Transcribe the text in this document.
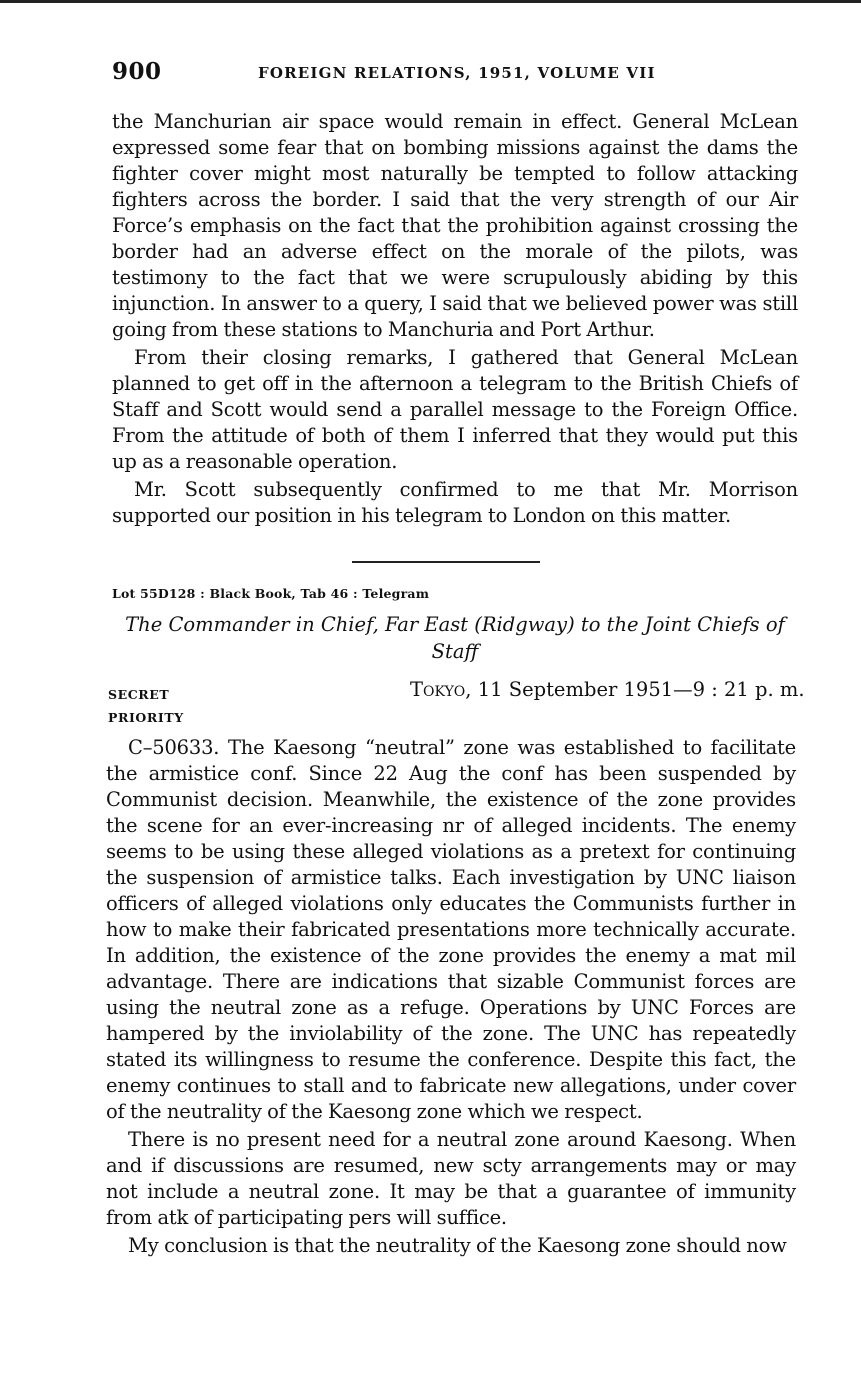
900	FOREIGN RELATIONS, 1951, VOLUME VII

the Manchurian air space would remain in effect. General McLean expressed some fear that on bombing missions against the dams the fighter cover might most naturally be tempted to follow attacking fighters across the border. I said that the very strength of our Air Force’s emphasis on the fact that the prohibition against crossing the border had an adverse effect on the morale of the pilots, was testimony to the fact that we were scrupulously abiding by this injunction. In answer to a query, I said that we believed power was still going from these stations to Manchuria and Port Arthur.

From their closing remarks, I gathered that General McLean planned to get off in the afternoon a telegram to the British Chiefs of Staff and Scott would send a parallel message to the Foreign Office. From the attitude of both of them I inferred that they would put this up as a reasonable operation.

Mr. Scott subsequently confirmed to me that Mr. Morrison supported our position in his telegram to London on this matter.

Lot 55D128 : Black Book, Tab 46 : Telegram
The Commander in Chief, Far East (Ridgway) to the Joint Chiefs of Staff
SECRET
PRIORITY
Tokyo, 11 September 1951—9 : 21 p. m.

C–50633. The Kaesong “neutral” zone was established to facilitate the armistice conf. Since 22 Aug the conf has been suspended by Communist decision. Meanwhile, the existence of the zone provides the scene for an ever-increasing nr of alleged incidents. The enemy seems to be using these alleged violations as a pretext for continuing the suspension of armistice talks. Each investigation by UNC liaison officers of alleged violations only educates the Communists further in how to make their fabricated presentations more technically accurate. In addition, the existence of the zone provides the enemy a mat mil advantage. There are indications that sizable Communist forces are using the neutral zone as a refuge. Operations by UNC Forces are hampered by the inviolability of the zone. The UNC has repeatedly stated its willingness to resume the conference. Despite this fact, the enemy continues to stall and to fabricate new allegations, under cover of the neutrality of the Kaesong zone which we respect.

There is no present need for a neutral zone around Kaesong. When and if discussions are resumed, new scty arrangements may or may not include a neutral zone. It may be that a guarantee of immunity from atk of participating pers will suffice.

My conclusion is that the neutrality of the Kaesong zone should now
